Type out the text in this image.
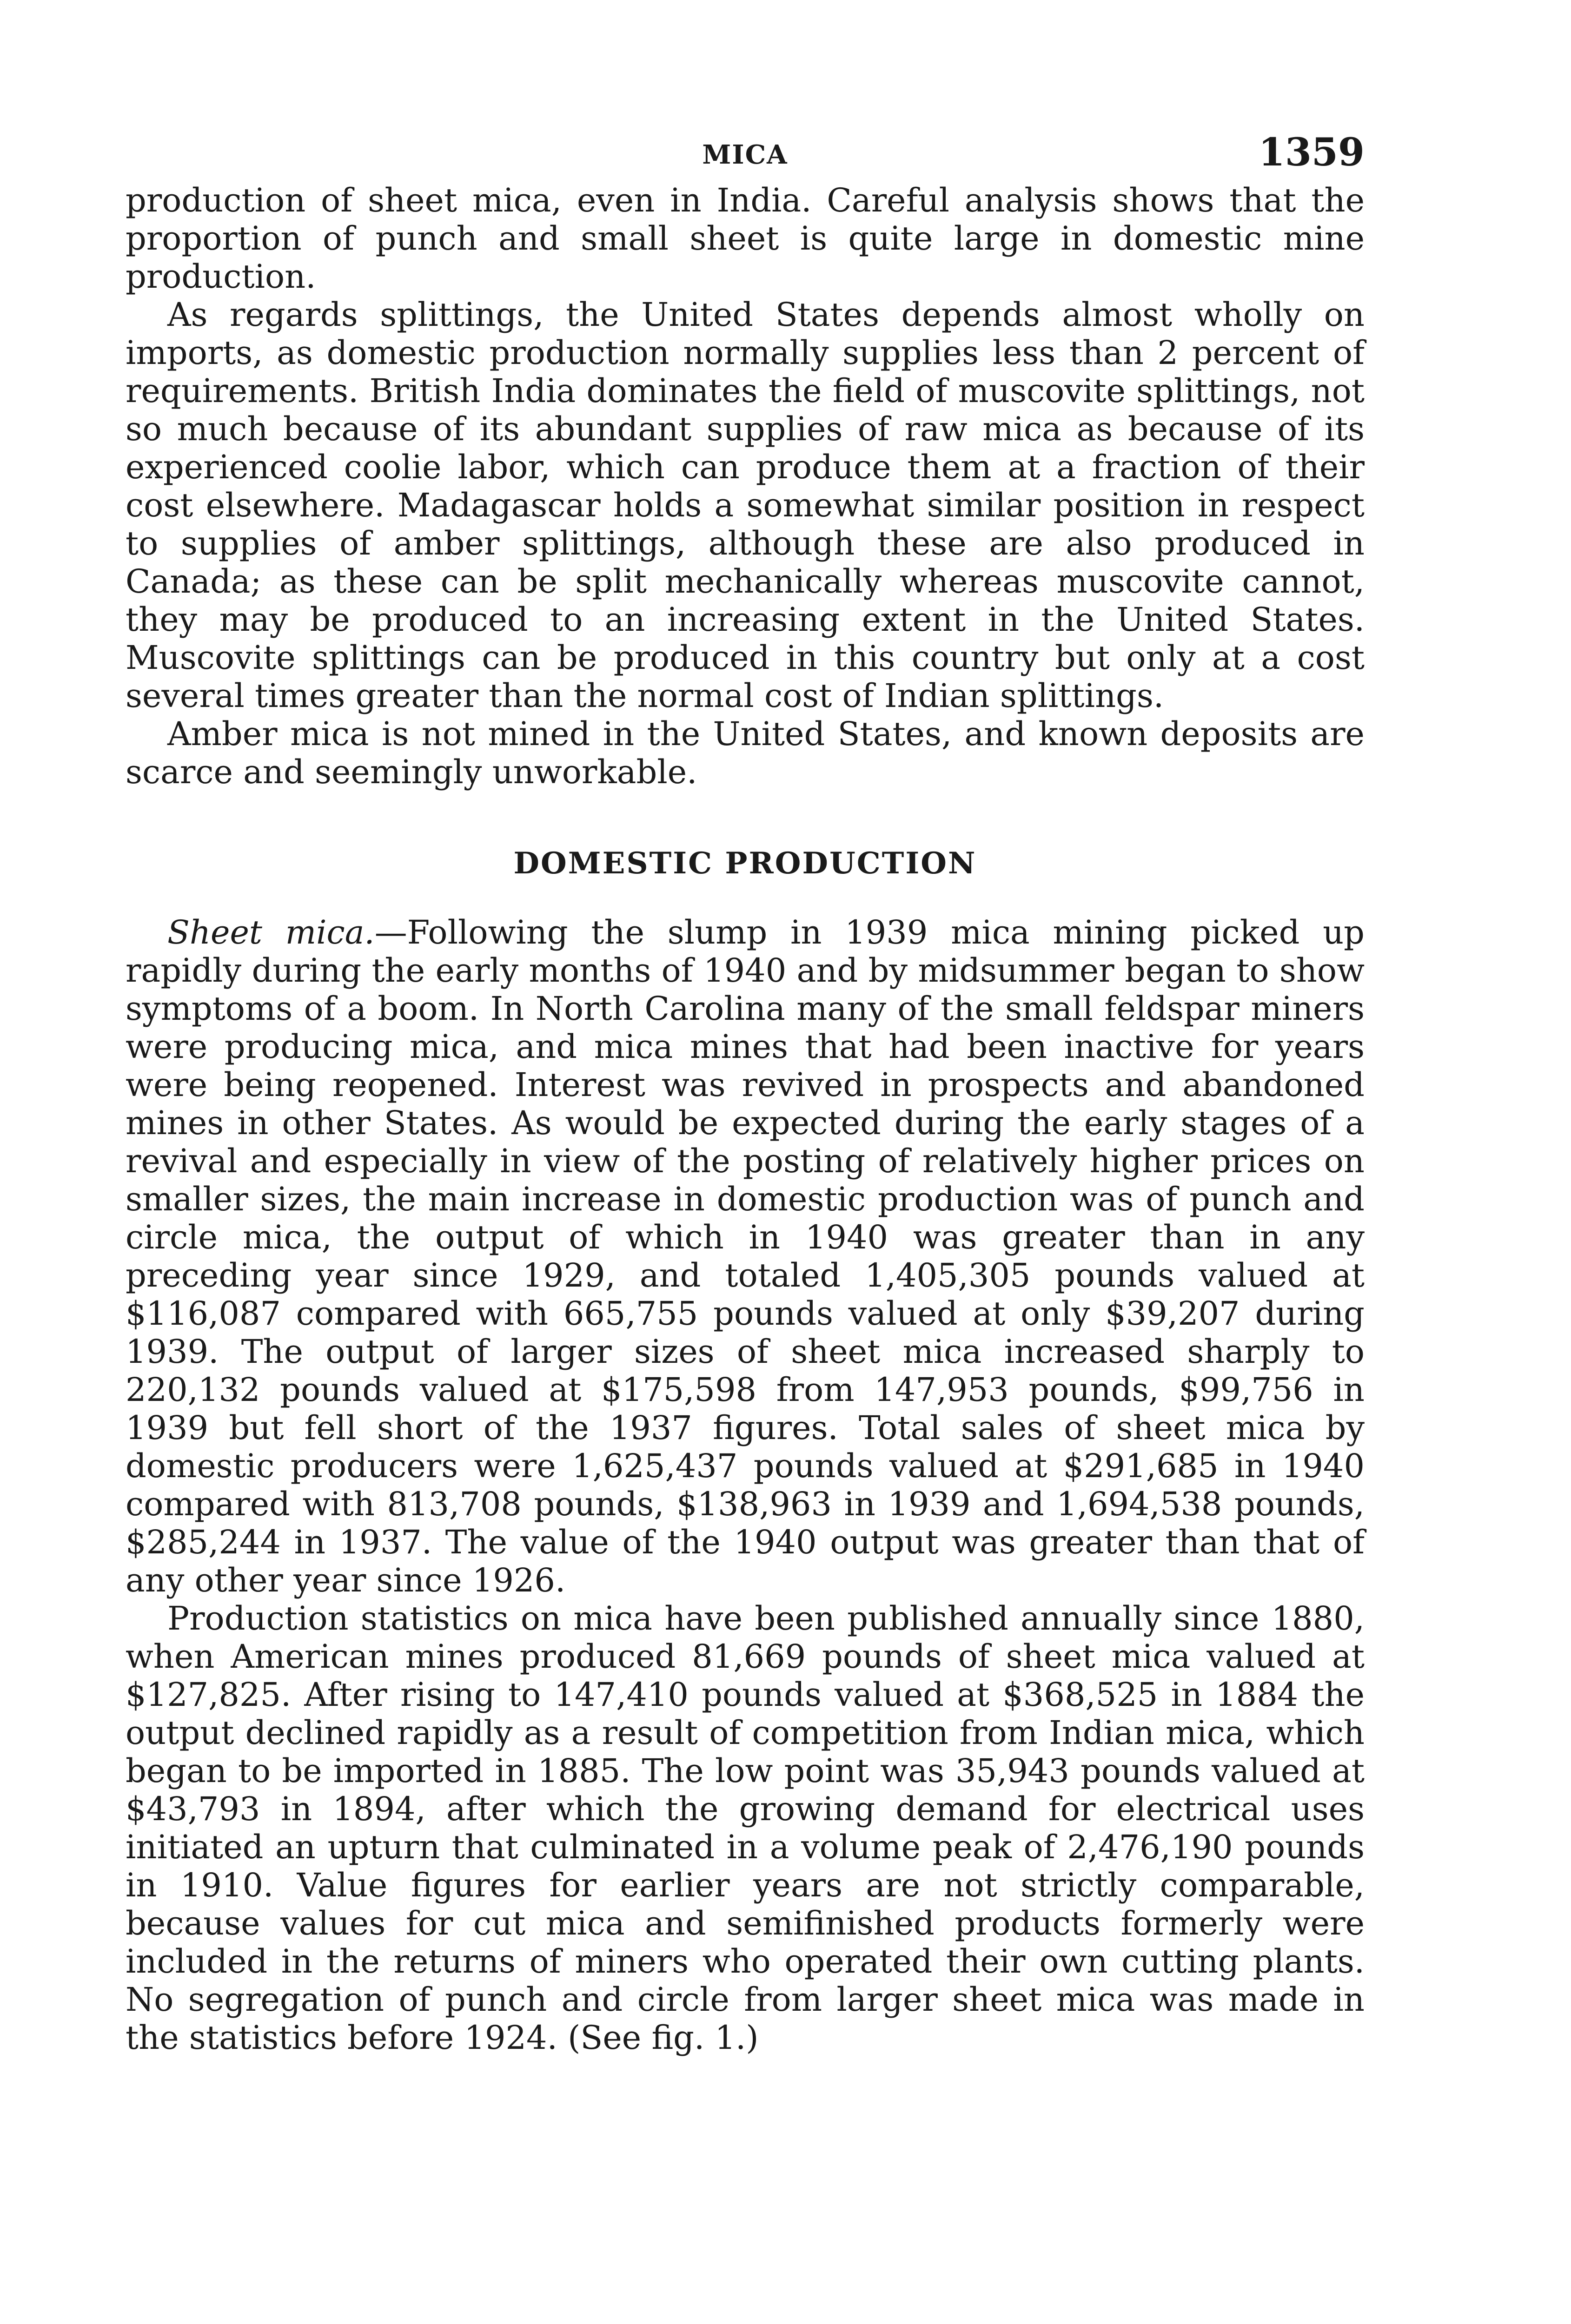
MICA	1359

production of sheet mica, even in India. Careful analysis shows that the proportion of punch and small sheet is quite large in domestic mine production.

As regards splittings, the United States depends almost wholly on imports, as domestic production normally supplies less than 2 percent of requirements. British India dominates the field of muscovite splittings, not so much because of its abundant supplies of raw mica as because of its experienced coolie labor, which can produce them at a fraction of their cost elsewhere. Madagascar holds a somewhat similar position in respect to supplies of amber splittings, although these are also produced in Canada; as these can be split mechanically whereas muscovite cannot, they may be produced to an increasing extent in the United States. Muscovite splittings can be produced in this country but only at a cost several times greater than the normal cost of Indian splittings.

Amber mica is not mined in the United States, and known deposits are scarce and seemingly unworkable.

DOMESTIC PRODUCTION

Sheet mica.—Following the slump in 1939 mica mining picked up rapidly during the early months of 1940 and by midsummer began to show symptoms of a boom. In North Carolina many of the small feldspar miners were producing mica, and mica mines that had been inactive for years were being reopened. Interest was revived in prospects and abandoned mines in other States. As would be expected during the early stages of a revival and especially in view of the posting of relatively higher prices on smaller sizes, the main increase in domestic production was of punch and circle mica, the output of which in 1940 was greater than in any preceding year since 1929, and totaled 1,405,305 pounds valued at $116,087 compared with 665,755 pounds valued at only $39,207 during 1939. The output of larger sizes of sheet mica increased sharply to 220,132 pounds valued at $175,598 from 147,953 pounds, $99,756 in 1939 but fell short of the 1937 figures. Total sales of sheet mica by domestic producers were 1,625,437 pounds valued at $291,685 in 1940 compared with 813,708 pounds, $138,963 in 1939 and 1,694,538 pounds, $285,244 in 1937. The value of the 1940 output was greater than that of any other year since 1926.

Production statistics on mica have been published annually since 1880, when American mines produced 81,669 pounds of sheet mica valued at $127,825. After rising to 147,410 pounds valued at $368,525 in 1884 the output declined rapidly as a result of competition from Indian mica, which began to be imported in 1885. The low point was 35,943 pounds valued at $43,793 in 1894, after which the growing demand for electrical uses initiated an upturn that culminated in a volume peak of 2,476,190 pounds in 1910. Value figures for earlier years are not strictly comparable, because values for cut mica and semifinished products formerly were included in the returns of miners who operated their own cutting plants. No segregation of punch and circle from larger sheet mica was made in the statistics before 1924. (See fig. 1.)
